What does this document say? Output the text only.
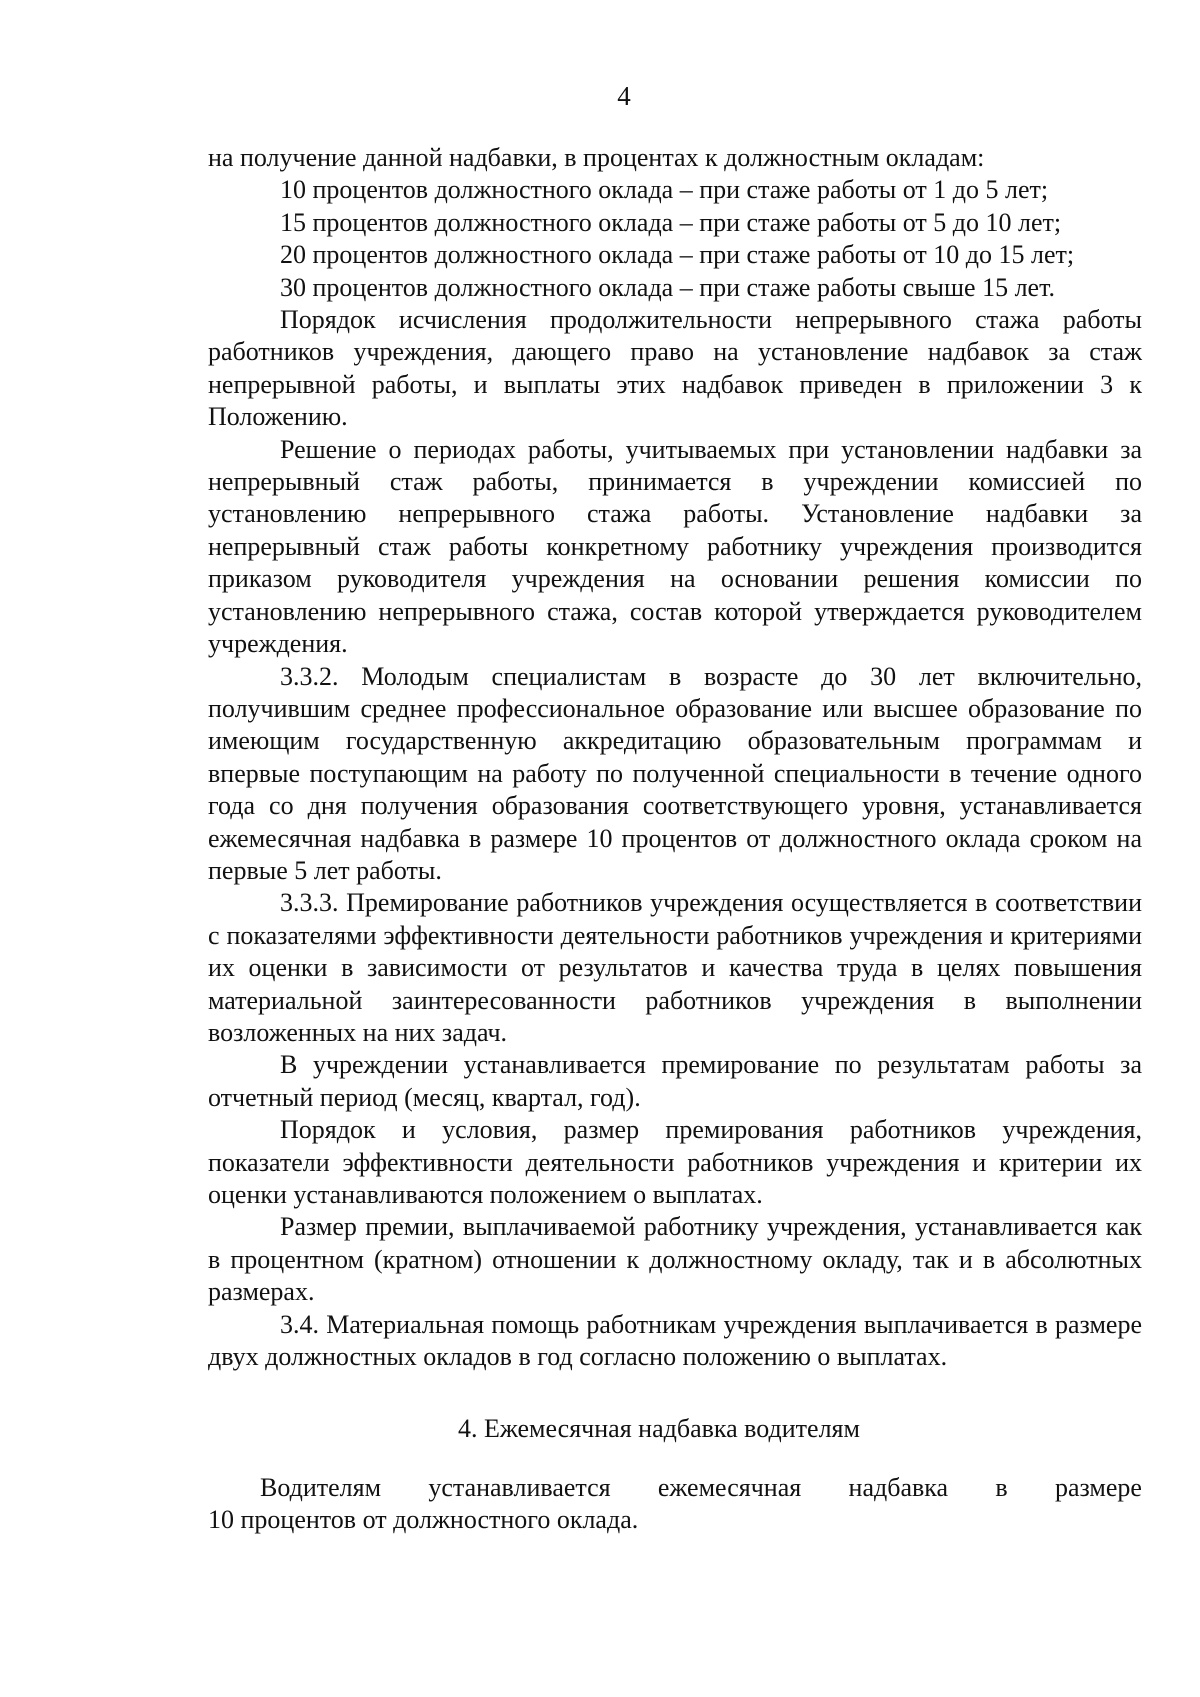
4

на получение данной надбавки, в процентах к должностным окладам:

10 процентов должностного оклада – при стаже работы от 1 до 5 лет;

15 процентов должностного оклада – при стаже работы от 5 до 10 лет;

20 процентов должностного оклада – при стаже работы от 10 до 15 лет;

30 процентов должностного оклада – при стаже работы свыше 15 лет.

Порядок исчисления продолжительности непрерывного стажа работы работников учреждения, дающего право на установление надбавок за стаж непрерывной работы, и выплаты этих надбавок приведен в приложении 3 к Положению.

Решение о периодах работы, учитываемых при установлении надбавки за непрерывный стаж работы, принимается в учреждении комиссией по установлению непрерывного стажа работы. Установление надбавки за непрерывный стаж работы конкретному работнику учреждения производится приказом руководителя учреждения на основании решения комиссии по установлению непрерывного стажа, состав которой утверждается руководителем учреждения.

3.3.2. Молодым специалистам в возрасте до 30 лет включительно, получившим среднее профессиональное образование или высшее образование по имеющим государственную аккредитацию образовательным программам и впервые поступающим на работу по полученной специальности в течение одного года со дня получения образования соответствующего уровня, устанавливается ежемесячная надбавка в размере 10 процентов от должностного оклада сроком на первые 5 лет работы.

3.3.3. Премирование работников учреждения осуществляется в соответствии с показателями эффективности деятельности работников учреждения и критериями их оценки в зависимости от результатов и качества труда в целях повышения материальной заинтересованности работников учреждения в выполнении возложенных на них задач.

В учреждении устанавливается премирование по результатам работы за отчетный период (месяц, квартал, год).

Порядок и условия, размер премирования работников учреждения, показатели эффективности деятельности работников учреждения и критерии их оценки устанавливаются положением о выплатах.

Размер премии, выплачиваемой работнику учреждения, устанавливается как в процентном (кратном) отношении к должностному окладу, так и в абсолютных размерах.

3.4. Материальная помощь работникам учреждения выплачивается в размере двух должностных окладов в год согласно положению о выплатах.

4. Ежемесячная надбавка водителям
Водителям устанавливается ежемесячная надбавка в размере
10 процентов от должностного оклада.
